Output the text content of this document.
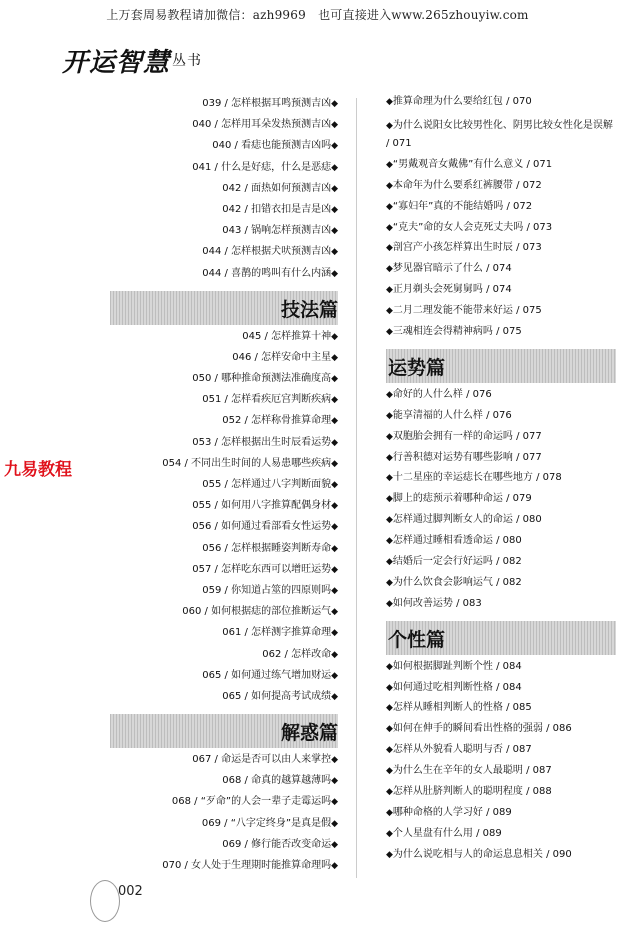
上万套周易教程请加微信：azh9969　也可直接进入www.265zhouyiw.com
开运智慧 $^{丛书}$
九易教程
039 / 怎样根据耳鸣预测吉凶◆
040 / 怎样用耳朵发热预测吉凶◆
040 / 看痣也能预测吉凶吗◆
041 / 什么是好痣，什么是恶痣◆
042 / 面热如何预测吉凶◆
042 / 扣错衣扣是吉是凶◆
043 / 锅响怎样预测吉凶◆
044 / 怎样根据犬吠预测吉凶◆
044 / 喜鹊的鸣叫有什么内涵◆
技法篇
045 / 怎样推算十神◆
046 / 怎样安命中主星◆
050 / 哪种推命预测法准确度高◆
051 / 怎样看疾厄宫判断疾病◆
052 / 怎样称骨推算命理◆
053 / 怎样根据出生时辰看运势◆
054 / 不同出生时间的人易患哪些疾病◆
055 / 怎样通过八字判断面貌◆
055 / 如何用八字推算配偶身材◆
056 / 如何通过看部看女性运势◆
056 / 怎样根据睡姿判断寿命◆
057 / 怎样吃东西可以增旺运势◆
059 / 你知道占筮的四原则吗◆
060 / 如何根据痣的部位推断运气◆
061 / 怎样测字推算命理◆
062 / 怎样改命◆
065 / 如何通过练气增加财运◆
065 / 如何提高考试成绩◆
解惑篇
067 / 命运是否可以由人来掌控◆
068 / 命真的越算越薄吗◆
068 / “歹命”的人会一辈子走霉运吗◆
069 / “八字定终身”是真是假◆
069 / 修行能否改变命运◆
070 / 女人处于生理期时能推算命理吗◆
◆推算命理为什么要给红包 / 070
◆为什么说阳女比较男性化、阴男比较女性化是误解 / 071
◆“男戴观音女戴佛”有什么意义 / 071
◆本命年为什么要系红裤腰带 / 072
◆“寡妇年”真的不能结婚吗 / 072
◆“克夫”命的女人会克死丈夫吗 / 073
◆剖宫产小孩怎样算出生时辰 / 073
◆梦见器官暗示了什么 / 074
◆正月剃头会死舅舅吗 / 074
◆二月二理发能不能带来好运 / 075
◆三魂相连会得精神病吗 / 075
运势篇
◆命好的人什么样 / 076
◆能享清福的人什么样 / 076
◆双胞胎会拥有一样的命运吗 / 077
◆行善积德对运势有哪些影响 / 077
◆十二星座的幸运痣长在哪些地方 / 078
◆脚上的痣预示着哪种命运 / 079
◆怎样通过脚判断女人的命运 / 080
◆怎样通过睡相看透命运 / 080
◆结婚后一定会行好运吗 / 082
◆为什么饮食会影响运气 / 082
◆如何改善运势 / 083
个性篇
◆如何根据脚趾判断个性 / 084
◆如何通过吃相判断性格 / 084
◆怎样从睡相判断人的性格 / 085
◆如何在伸手的瞬间看出性格的强弱 / 086
◆怎样从外貌看人聪明与否 / 087
◆为什么生在辛年的女人最聪明 / 087
◆怎样从肚脐判断人的聪明程度 / 088
◆哪种命格的人学习好 / 089
◆个人星盘有什么用 / 089
◆为什么说吃相与人的命运息息相关 / 090
002
